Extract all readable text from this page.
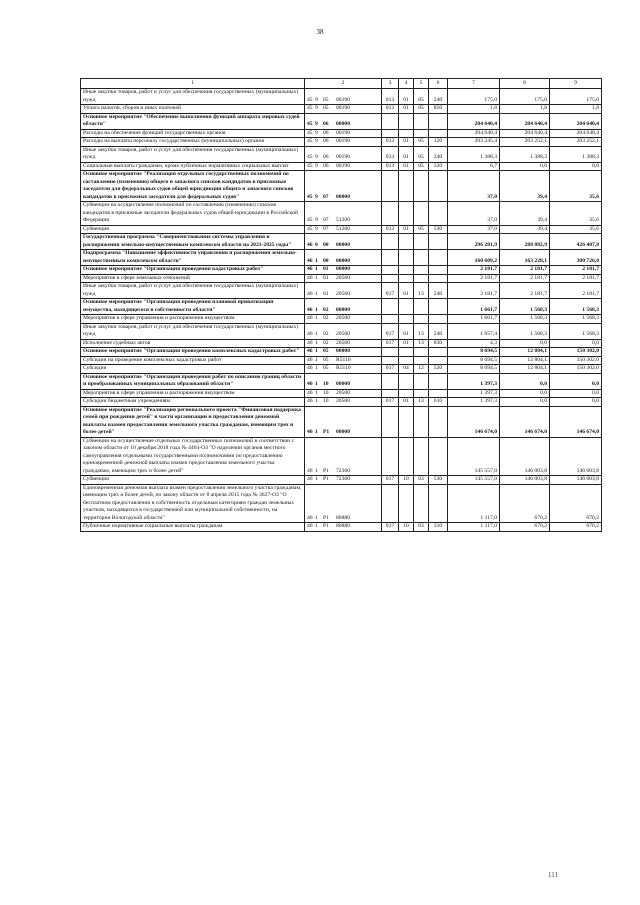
38
1	2	3	4	5	6	7	8	9
Иные закупки товаров, работ и услуг для обеспечения государственных (муниципальных) нужд	45 9 05 00190	013	01	05	240	175,0	175,0	175,0
Уплата налогов, сборов и иных платежей	45 9 05 00190	013	01	05	850	1,8	1,8	1,8
Основное мероприятие "Обеспечение выполнения функций аппарата мировых судей области"	45 9 06 00000					204 640,4	204 640,4	204 640,4
Расходы на обеспечение функций государственных органов	45 9 06 00190					204 640,4	204 640,4	204 640,4
Расходы на выплаты персоналу государственных (муниципальных) органов	45 9 06 00190	013	01	05	120	203 245,4	203 252,1	203 252,1
Иные закупки товаров, работ и услуг для обеспечения государственных (муниципальных) нужд	45 9 06 00190	013	01	05	240	1 388,3	1 388,3	1 388,3
Социальные выплаты гражданам, кроме публичных нормативных социальных выплат	45 9 06 00190	013	01	05	320	6,7	0,0	0,0
Основное мероприятие "Реализация отдельных государственных полномочий по составлению (изменению) общего и запасного списков кандидатов в присяжные заседатели для федеральных судов общей юрисдикции общего и запасного списков кандидатов в присяжные заседатели для федеральных судов"	45 9 07 00000					37,0	39,4	35,6
Субвенции на осуществление полномочий по составлению (изменению) списков кандидатов в присяжные заседатели федеральных судов общей юрисдикции в Российской Федерации	45 9 07 51200					37,0	39,4	35,6
Субвенции	45 9 07 51200	013	01	05	530	37,0	39,4	35,6
Государственная программа "Совершенствование системы управления и распоряжения земельно-имущественным комплексом области на 2021-2025 годы"	46 0 00 00000					296 281,9	288 882,9	426 407,8
Подпрограмма "Повышение эффективности управления и распоряжения земельно-имущественным комплексом области"	46 1 00 00000					160 609,2	163 228,1	300 726,0
Основное мероприятие "Организация проведения кадастровых работ"	46 1 01 00000					2 181,7	2 181,7	2 181,7
Мероприятия в сфере земельных отношений	46 1 01 20560					2 181,7	2 181,7	2 181,7
Иные закупки товаров, работ и услуг для обеспечения государственных (муниципальных) нужд	46 1 01 20560	017	01	13	240	2 181,7	2 181,7	2 181,7
Основное мероприятие "Организация проведения плановой приватизации имущества, находящегося в собственности области"	46 1 02 00000					1 661,7	1 568,3	1 568,3
Мероприятия в сфере управления и распоряжения имуществом	46 1 02 20500					1 661,7	1 568,3	1 568,3
Иные закупки товаров, работ и услуг для обеспечения государственных (муниципальных) нужд	46 1 02 20500	017	01	13	240	1 657,4	1 568,3	1 568,3
Исполнение судебных актов	46 1 02 20500	017	01	13	830	4,3	0,0	0,0
Основное мероприятие "Организация проведения комплексных кадастровых работ"	46 1 05 00000					8 694,5	12 804,1	150 302,0
Субсидии на проведение комплексных кадастровых работ	46 1 05 R5110					8 694,5	12 804,1	150 302,0
Субсидии	46 1 05 R5110	017	04	12	520	8 694,5	12 804,1	150 302,0
Основное мероприятие "Организация проведения работ по описанию границ области и преобразованных муниципальных образований области"	46 1 10 00000					1 397,3	0,0	0,0
Мероприятия в сфере управления и распоряжения имуществом	46 1 10 20500					1 397,3	0,0	0,0
Субсидии бюджетным учреждениям	46 1 10 20500	017	01	13	610	1 397,3	0,0	0,0
Основное мероприятие "Реализация регионального проекта "Финансовая поддержка семей при рождении детей" в части организации и предоставления денежной выплаты взамен предоставления земельного участка гражданам, имеющим трех и более детей"	46 1 P1 00000					146 674,0	146 674,0	146 674,0
Субвенции на осуществление отдельных государственных полномочий в соответствии с законом области от 10 декабря 2018 года № 4463-ОЗ "О наделении органов местного самоуправления отдельными государственными полномочиями по предоставлению единовременной денежной выплаты взамен предоставления земельного участка гражданам, имеющим трех и более детей"	46 1 P1 72300					145 557,0	146 003,8	146 003,8
Субвенции	46 1 P1 72300	017	10	03	530	145 557,0	146 003,8	146 003,8
Единовременная денежная выплата взамен предоставления земельного участка гражданам, имеющим трех и более детей, по закону области от 8 апреля 2015 года № 3627-ОЗ "О бесплатном предоставлении в собственность отдельным категориям граждан земельных участков, находящихся в государственной или муниципальной собственности, на территории Вологодской области"	46 1 P1 80880					1 117,0	670,2	670,2
Публичные нормативные социальные выплаты гражданам	46 1 P1 80880	017	10	03	310	1 117,0	670,2	670,2
111
